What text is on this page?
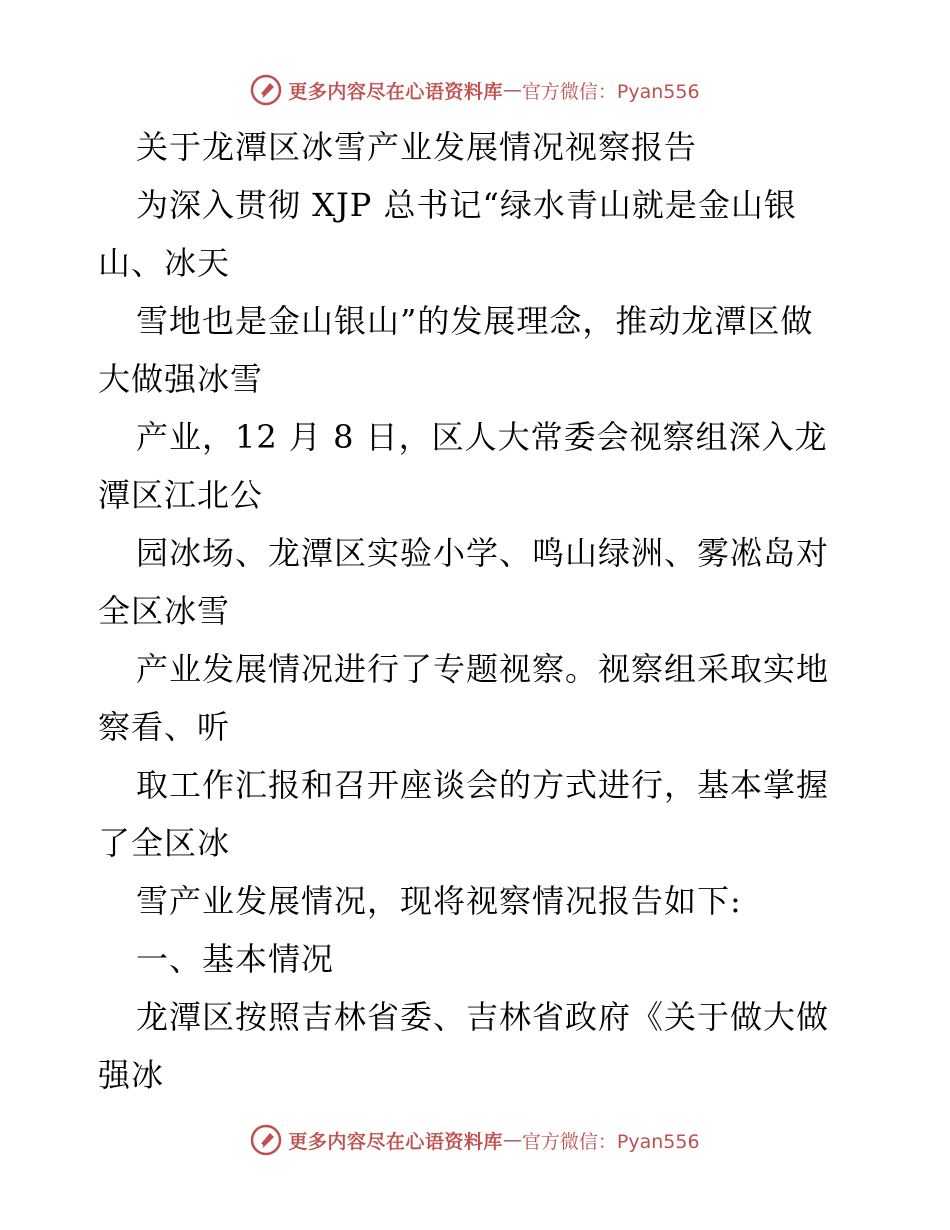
更多内容尽在心语资料库 — 官方微信：Pyan556
关于龙潭区冰雪产业发展情况视察报告
为深入贯彻 XJP 总书记“绿水青山就是金山银
山、冰天
雪地也是金山银山”的发展理念，推动龙潭区做
大做强冰雪
产业，12 月 8 日，区人大常委会视察组深入龙
潭区江北公
园冰场、龙潭区实验小学、鸣山绿洲、雾凇岛对
全区冰雪
产业发展情况进行了专题视察。视察组采取实地
察看、听
取工作汇报和召开座谈会的方式进行，基本掌握
了全区冰
雪产业发展情况，现将视察情况报告如下:
一、基本情况
龙潭区按照吉林省委、吉林省政府《关于做大做
强冰
更多内容尽在心语资料库 — 官方微信：Pyan556
